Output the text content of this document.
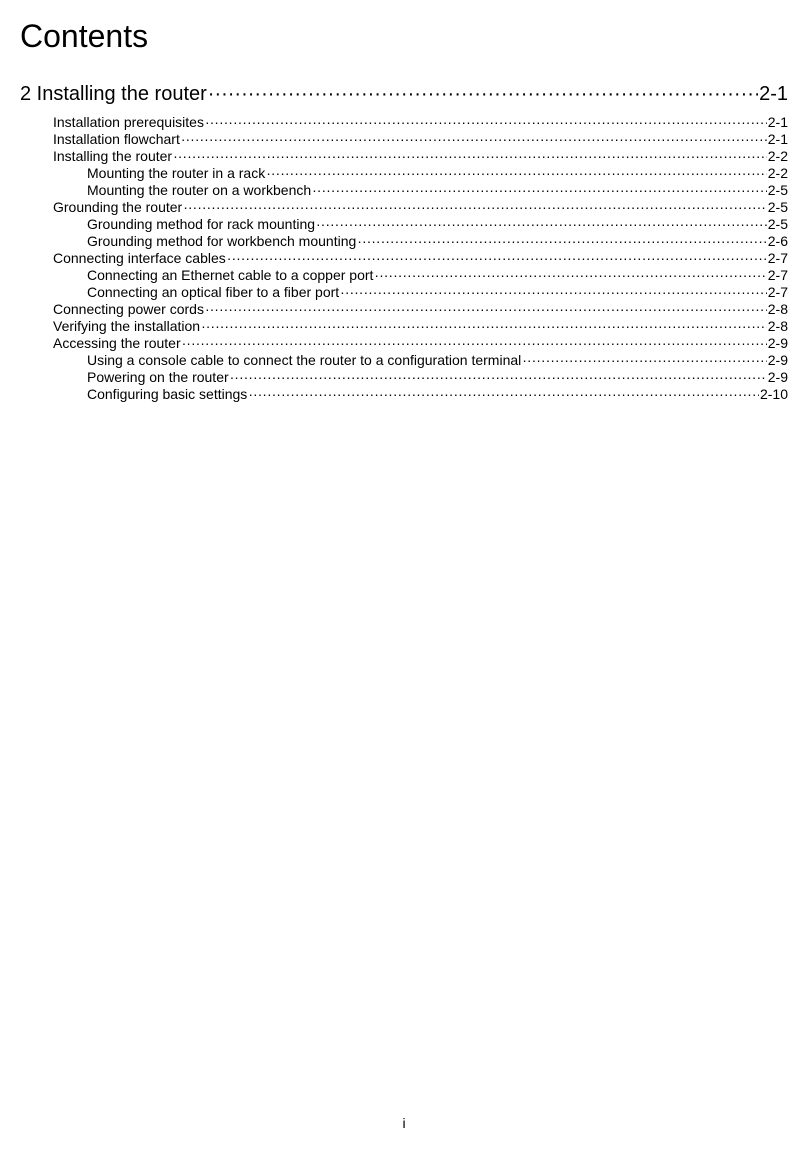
Contents
2 Installing the router ·····	2-1
Installation prerequisites ·····	2-1
Installation flowchart ·····	2-1
Installing the router ·····	2-2
Mounting the router in a rack ·····	2-2
Mounting the router on a workbench ·····	2-5
Grounding the router ·····	2-5
Grounding method for rack mounting ·····	2-5
Grounding method for workbench mounting ·····	2-6
Connecting interface cables ·····	2-7
Connecting an Ethernet cable to a copper port ·····	2-7
Connecting an optical fiber to a fiber port ·····	2-7
Connecting power cords ·····	2-8
Verifying the installation ·····	2-8
Accessing the router ·····	2-9
Using a console cable to connect the router to a configuration terminal ·····	2-9
Powering on the router ·····	2-9
Configuring basic settings ·····	2-10
i
